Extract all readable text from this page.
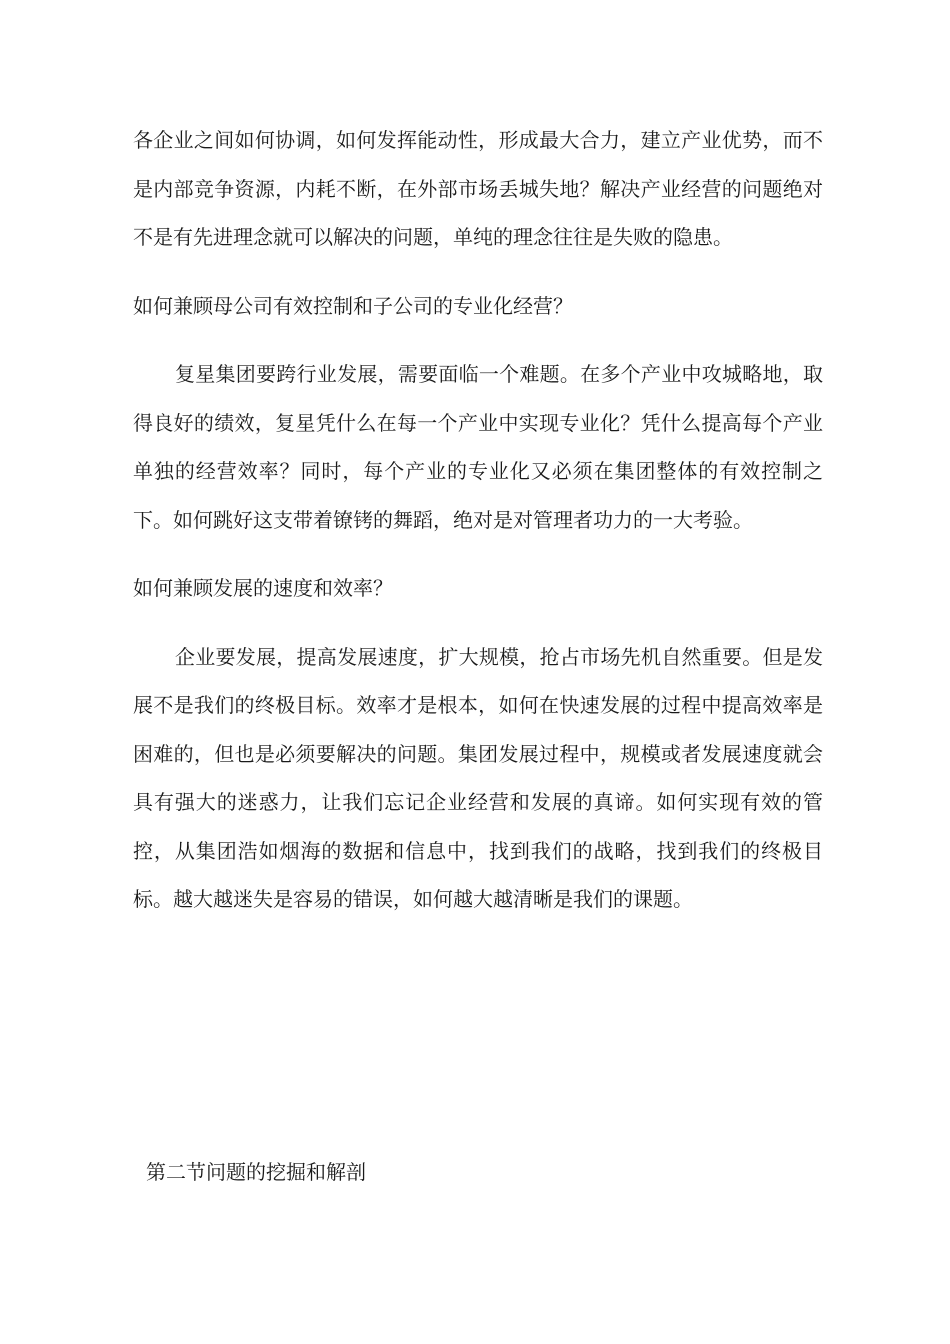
各企业之间如何协调，如何发挥能动性，形成最大合力，建立产业优势，而不是内部竞争资源，内耗不断，在外部市场丢城失地？解决产业经营的问题绝对不是有先进理念就可以解决的问题，单纯的理念往往是失败的隐患。

如何兼顾母公司有效控制和子公司的专业化经营？

复星集团要跨行业发展，需要面临一个难题。在多个产业中攻城略地，取得良好的绩效，复星凭什么在每一个产业中实现专业化？凭什么提高每个产业单独的经营效率？同时，每个产业的专业化又必须在集团整体的有效控制之下。如何跳好这支带着镣铐的舞蹈，绝对是对管理者功力的一大考验。

如何兼顾发展的速度和效率？

企业要发展，提高发展速度，扩大规模，抢占市场先机自然重要。但是发展不是我们的终极目标。效率才是根本，如何在快速发展的过程中提高效率是困难的，但也是必须要解决的问题。集团发展过程中，规模或者发展速度就会具有强大的迷惑力，让我们忘记企业经营和发展的真谛。如何实现有效的管控，从集团浩如烟海的数据和信息中，找到我们的战略，找到我们的终极目标。越大越迷失是容易的错误，如何越大越清晰是我们的课题。

第二节问题的挖掘和解剖
